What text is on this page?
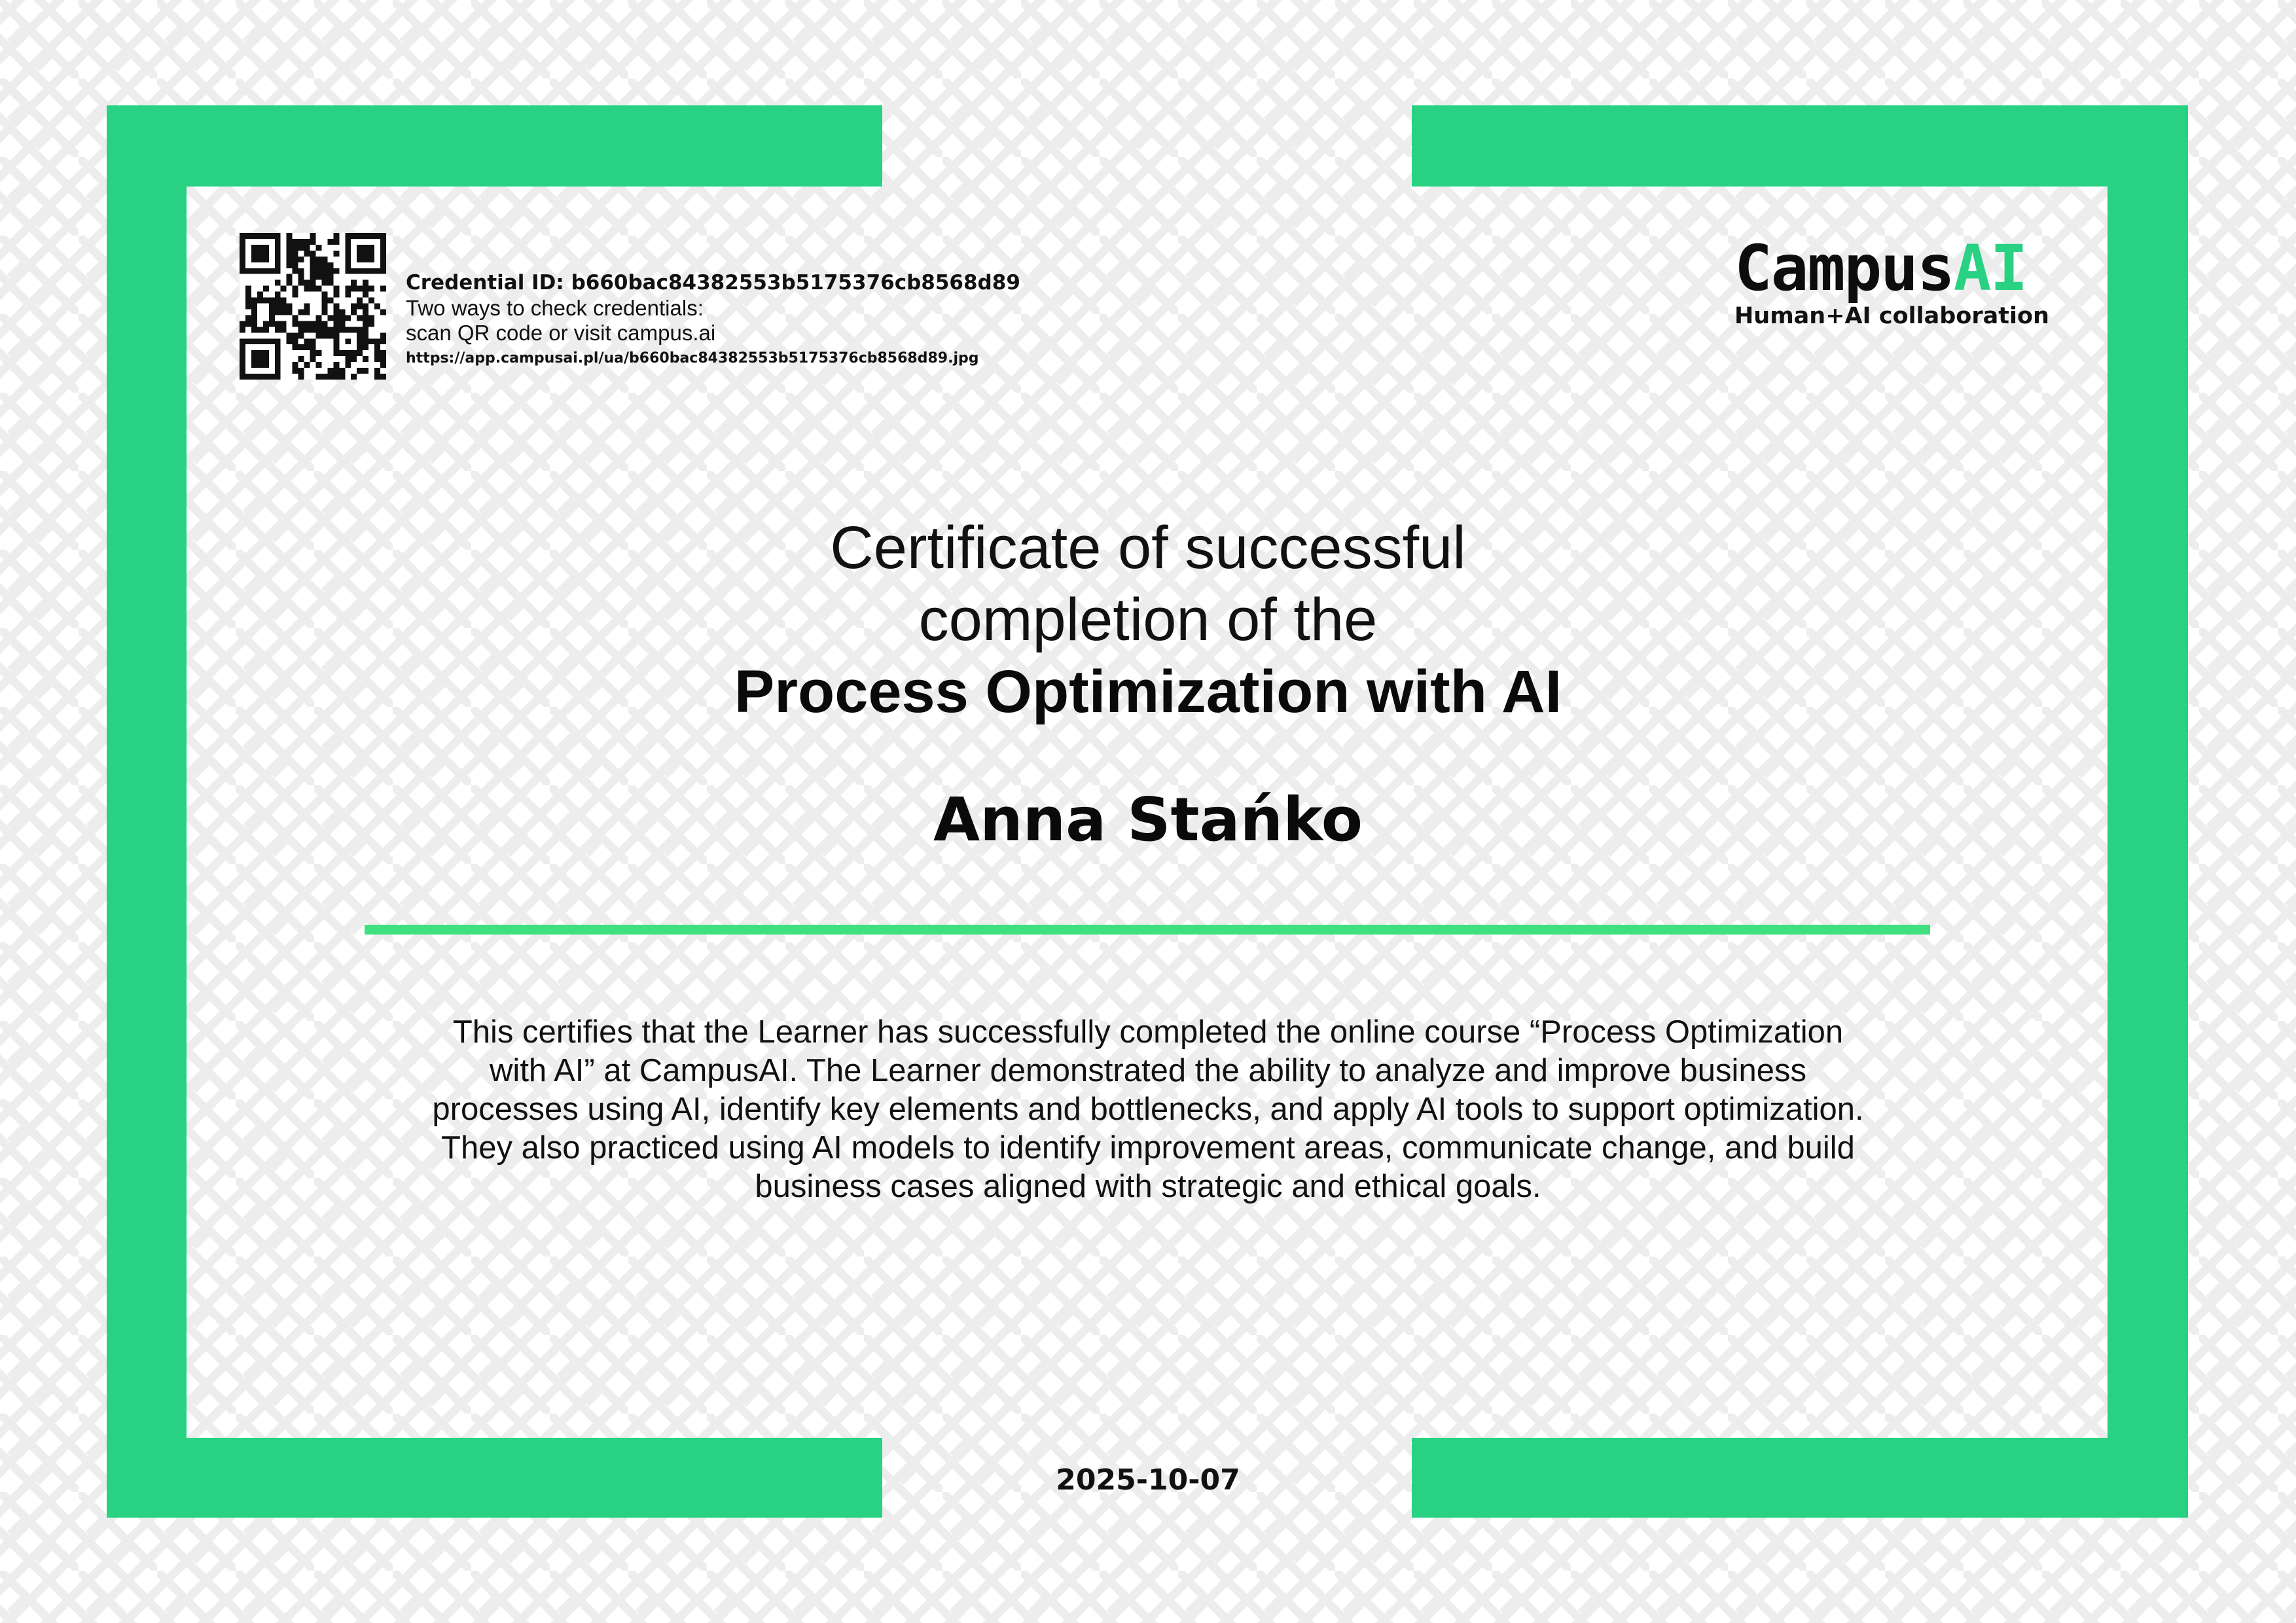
Credential ID: b660bac84382553b5175376cb8568d89
Two ways to check credentials:
scan QR code or visit campus.ai
https://app.campusai.pl/ua/b660bac84382553b5175376cb8568d89.jpg
CampusAI
Human+AI collaboration
Certificate of successful
completion of the
Process Optimization with AI
Anna Stańko
This certifies that the Learner has successfully completed the online course “Process Optimization with AI” at CampusAI. The Learner demonstrated the ability to analyze and improve business processes using AI, identify key elements and bottlenecks, and apply AI tools to support optimization. They also practiced using AI models to identify improvement areas, communicate change, and build business cases aligned with strategic and ethical goals.
2025-10-07
